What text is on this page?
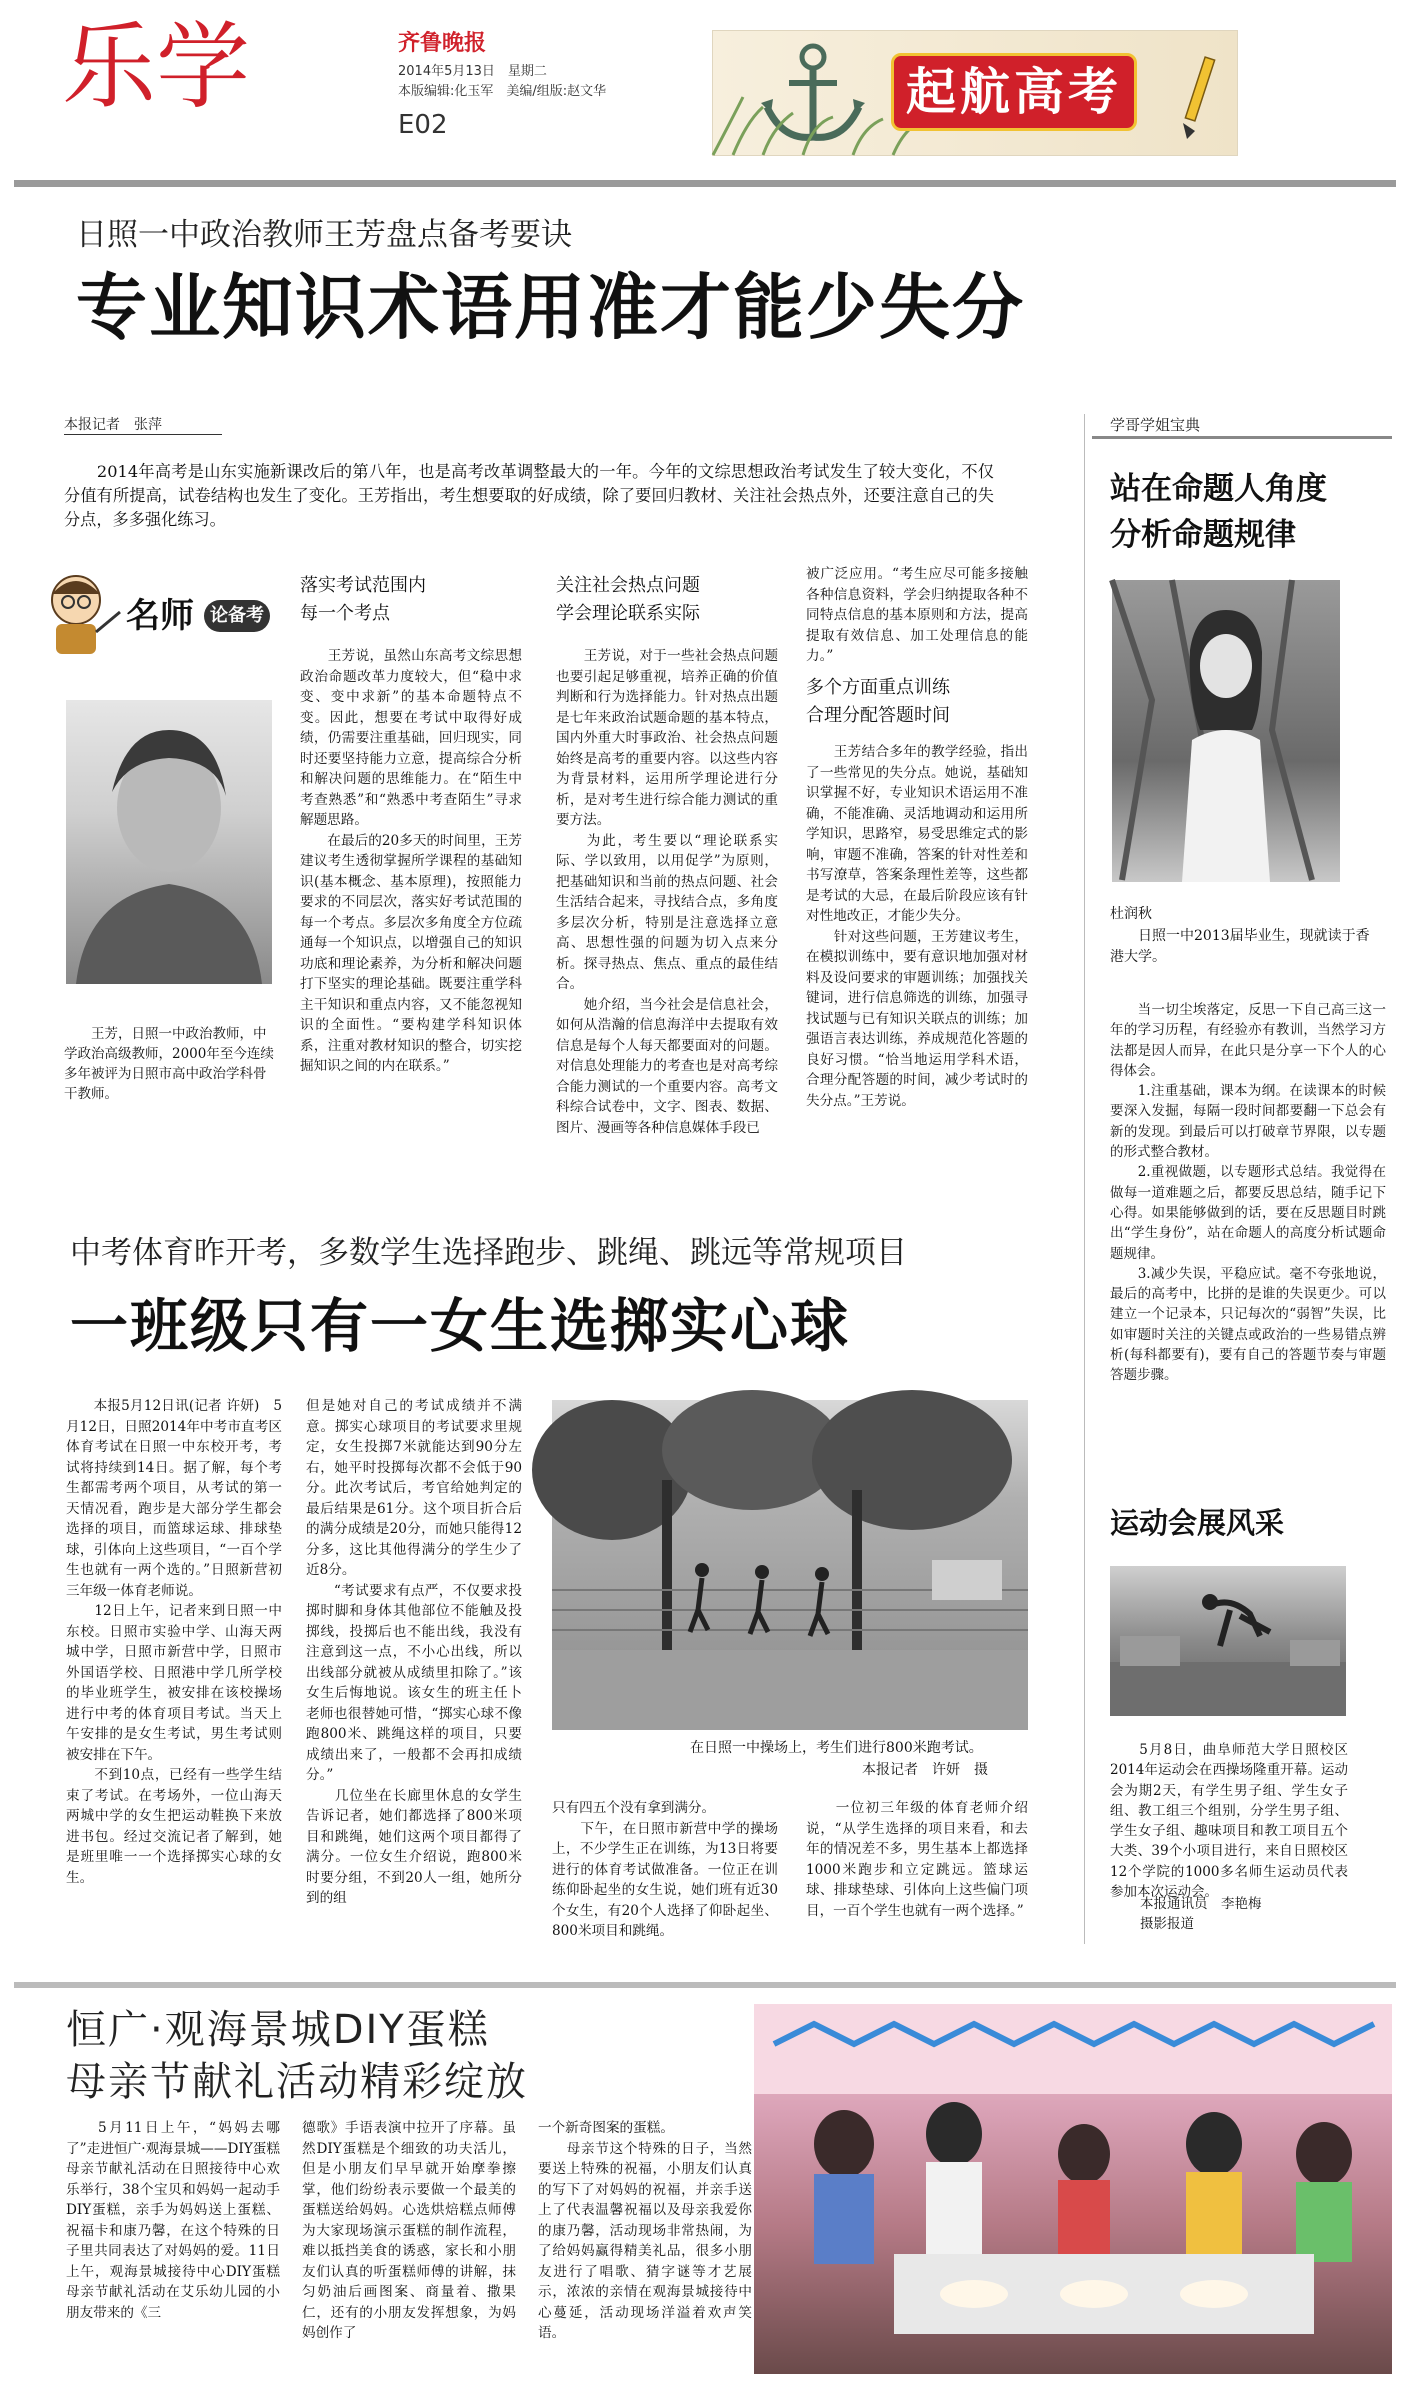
乐学	齐鲁晚报
2014年5月13日　星期二
本版编辑:化玉军　美编/组版:赵文华
E02
起航高考
日照一中政治教师王芳盘点备考要诀
专业知识术语用准才能少失分
本报记者　张萍
　　2014年高考是山东实施新课改后的第八年，也是高考改革调整最大的一年。今年的文综思想政治考试发生了较大变化，不仅分值有所提高，试卷结构也发生了变化。王芳指出，考生想要取的好成绩，除了要回归教材、关注社会热点外，还要注意自己的失分点，多多强化练习。
名师 论备考
　　王芳，日照一中政治教师，中学政治高级教师，2000年至今连续多年被评为日照市高中政治学科骨干教师。
落实考试范围内
每一个考点
　　王芳说，虽然山东高考文综思想政治命题改革力度较大，但“稳中求变、变中求新”的基本命题特点不变。因此，想要在考试中取得好成绩，仍需要注重基础，回归现实，同时还要坚持能力立意，提高综合分析和解决问题的思维能力。在“陌生中考查熟悉”和“熟悉中考查陌生”寻求解题思路。
　　在最后的20多天的时间里，王芳建议考生透彻掌握所学课程的基础知识(基本概念、基本原理)，按照能力要求的不同层次，落实好考试范围的每一个考点。多层次多角度全方位疏通每一个知识点，以增强自己的知识功底和理论素养，为分析和解决问题打下坚实的理论基础。既要注重学科主干知识和重点内容，又不能忽视知识的全面性。“要构建学科知识体系，注重对教材知识的整合，切实挖掘知识之间的内在联系。”
关注社会热点问题
学会理论联系实际
　　王芳说，对于一些社会热点问题也要引起足够重视，培养正确的价值判断和行为选择能力。针对热点出题是七年来政治试题命题的基本特点，国内外重大时事政治、社会热点问题始终是高考的重要内容。以这些内容为背景材料，运用所学理论进行分析，是对考生进行综合能力测试的重要方法。
　　为此，考生要以“理论联系实际、学以致用，以用促学”为原则，把基础知识和当前的热点问题、社会生活结合起来，寻找结合点，多角度多层次分析，特别是注意选择立意高、思想性强的问题为切入点来分析。探寻热点、焦点、重点的最佳结合。
　　她介绍，当今社会是信息社会，如何从浩瀚的信息海洋中去提取有效信息是每个人每天都要面对的问题。对信息处理能力的考查也是对高考综合能力测试的一个重要内容。高考文科综合试卷中，文字、图表、数据、图片、漫画等各种信息媒体手段已
被广泛应用。“考生应尽可能多接触各种信息资料，学会归纳提取各种不同特点信息的基本原则和方法，提高提取有效信息、加工处理信息的能力。”
多个方面重点训练
合理分配答题时间
　　王芳结合多年的教学经验，指出了一些常见的失分点。她说，基础知识掌握不好，专业知识术语运用不准确，不能准确、灵活地调动和运用所学知识，思路窄，易受思维定式的影响，审题不准确，答案的针对性差和书写潦草，答案条理性差等，这些都是考试的大忌，在最后阶段应该有针对性地改正，才能少失分。
　　针对这些问题，王芳建议考生，在模拟训练中，要有意识地加强对材料及设问要求的审题训练；加强找关键词，进行信息筛选的训练，加强寻找试题与已有知识关联点的训练；加强语言表达训练，养成规范化答题的良好习惯。“恰当地运用学科术语，合理分配答题的时间，减少考试时的失分点。”王芳说。
学哥学姐宝典
站在命题人角度
分析命题规律
杜润秋
　　日照一中2013届毕业生，现就读于香港大学。
　　当一切尘埃落定，反思一下自己高三这一年的学习历程，有经验亦有教训，当然学习方法都是因人而异，在此只是分享一下个人的心得体会。
　　1.注重基础，课本为纲。在读课本的时候要深入发掘，每隔一段时间都要翻一下总会有新的发现。到最后可以打破章节界限，以专题的形式整合教材。
　　2.重视做题，以专题形式总结。我觉得在做每一道难题之后，都要反思总结，随手记下心得。如果能够做到的话，要在反思题目时跳出“学生身份”，站在命题人的高度分析试题命题规律。
　　3.减少失误，平稳应试。毫不夸张地说，最后的高考中，比拼的是谁的失误更少。可以建立一个记录本，只记每次的“弱智”失误，比如审题时关注的关键点或政治的一些易错点辨析(每科都要有)，要有自己的答题节奏与审题答题步骤。
运动会展风采
　　5月8日，曲阜师范大学日照校区2014年运动会在西操场隆重开幕。运动会为期2天，有学生男子组、学生女子组、教工组三个组别，分学生男子组、学生女子组、趣味项目和教工项目五个大类、39个小项目进行，来自日照校区12个学院的1000多名师生运动员代表参加本次运动会。
本报通讯员　李艳梅
摄影报道
中考体育昨开考，多数学生选择跑步、跳绳、跳远等常规项目
一班级只有一女生选掷实心球
　　本报5月12日讯(记者 许妍)　5月12日，日照2014年中考市直考区体育考试在日照一中东校开考，考试将持续到14日。据了解，每个考生都需考两个项目，从考试的第一天情况看，跑步是大部分学生都会选择的项目，而篮球运球、排球垫球，引体向上这些项目，“一百个学生也就有一两个选的。”日照新营初三年级一体育老师说。
　　12日上午，记者来到日照一中东校。日照市实验中学、山海天两城中学，日照市新营中学，日照市外国语学校、日照港中学几所学校的毕业班学生，被安排在该校操场进行中考的体育项目考试。当天上午安排的是女生考试，男生考试则被安排在下午。
　　不到10点，已经有一些学生结束了考试。在考场外，一位山海天两城中学的女生把运动鞋换下来放进书包。经过交流记者了解到，她是班里唯一一个选择掷实心球的女生。
但是她对自己的考试成绩并不满意。掷实心球项目的考试要求里规定，女生投掷7米就能达到90分左右，她平时投掷每次都不会低于90分。此次考试后，考官给她判定的最后结果是61分。这个项目折合后的满分成绩是20分，而她只能得12分多，这比其他得满分的学生少了近8分。
　　“考试要求有点严，不仅要求投掷时脚和身体其他部位不能触及投掷线，投掷后也不能出线，我没有注意到这一点，不小心出线，所以出线部分就被从成绩里扣除了。”该女生后悔地说。该女生的班主任卜老师也很替她可惜，“掷实心球不像跑800米、跳绳这样的项目，只要成绩出来了，一般都不会再扣成绩分。”
　　几位坐在长廊里休息的女学生告诉记者，她们都选择了800米项目和跳绳，她们这两个项目都得了满分。一位女生介绍说，跑800米时要分组，不到20人一组，她所分到的组
在日照一中操场上，考生们进行800米跑考试。
本报记者　许妍　摄
只有四五个没有拿到满分。
　　下午，在日照市新营中学的操场上，不少学生正在训练，为13日将要进行的体育考试做准备。一位正在训练仰卧起坐的女生说，她们班有近30个女生，有20个人选择了仰卧起坐、800米项目和跳绳。
　　一位初三年级的体育老师介绍说，“从学生选择的项目来看，和去年的情况差不多，男生基本上都选择1000米跑步和立定跳远。篮球运球、排球垫球、引体向上这些偏门项目，一百个学生也就有一两个选择。”
恒广·观海景城DIY蛋糕
母亲节献礼活动精彩绽放
　　5月11日上午，“妈妈去哪了”走进恒广·观海景城——DIY蛋糕母亲节献礼活动在日照接待中心欢乐举行，38个宝贝和妈妈一起动手DIY蛋糕，亲手为妈妈送上蛋糕、祝福卡和康乃馨，在这个特殊的日子里共同表达了对妈妈的爱。11日上午，观海景城接待中心DIY蛋糕母亲节献礼活动在艾乐幼儿园的小朋友带来的《三
德歌》手语表演中拉开了序幕。虽然DIY蛋糕是个细致的功夫活儿，但是小朋友们早早就开始摩拳擦掌，他们纷纷表示要做一个最美的蛋糕送给妈妈。心选烘焙糕点师傅为大家现场演示蛋糕的制作流程，难以抵挡美食的诱惑，家长和小朋友们认真的听蛋糕师傅的讲解，抹匀奶油后画图案、商量着、撒果仁，还有的小朋友发挥想象，为妈妈创作了
一个新奇图案的蛋糕。
　　母亲节这个特殊的日子，当然要送上特殊的祝福，小朋友们认真的写下了对妈妈的祝福，并亲手送上了代表温馨祝福以及母亲我爱你的康乃馨，活动现场非常热闹，为了给妈妈赢得精美礼品，很多小朋友进行了唱歌、猜字谜等才艺展示，浓浓的亲情在观海景城接待中心蔓延，活动现场洋溢着欢声笑语。
